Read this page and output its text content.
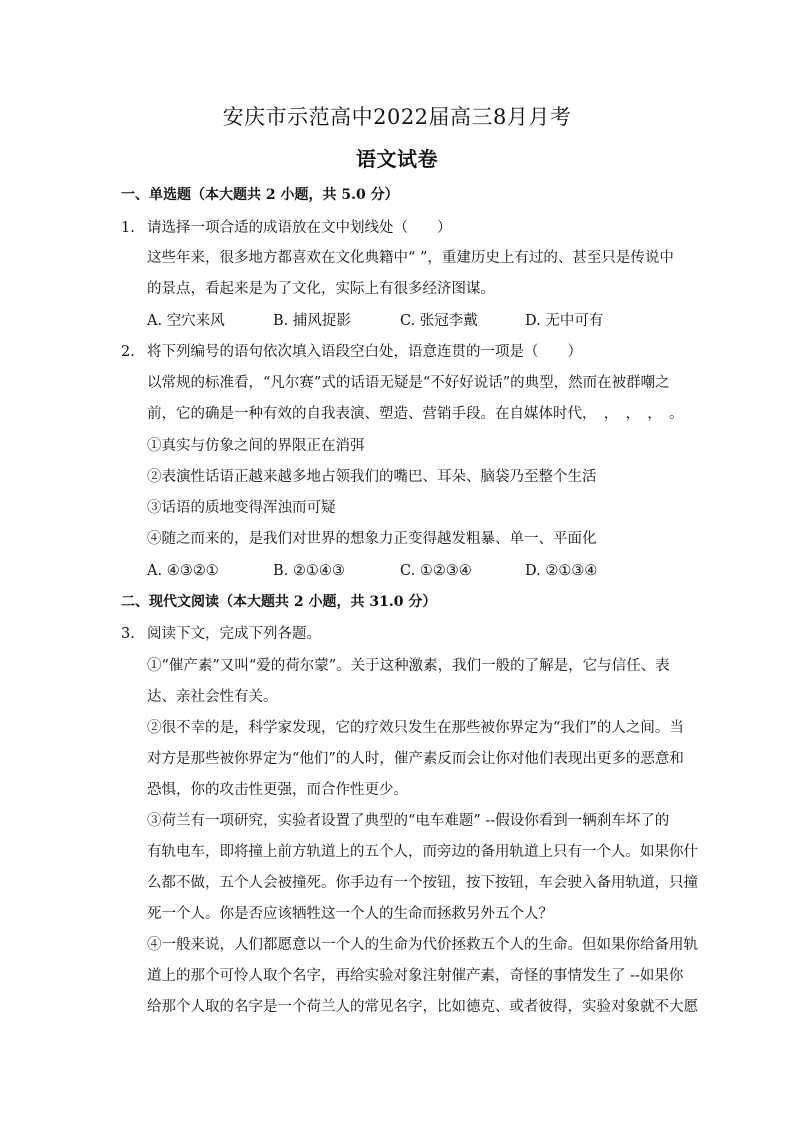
安庆市示范高中2022届高三8月月考
语文试卷
一、单选题（本大题共 2 小题，共 5.0 分）
1. 请选择一项合适的成语放在文中划线处（　　）
这些年来，很多地方都喜欢在文化典籍中“ ”，重建历史上有过的、甚至只是传说中
的景点，看起来是为了文化，实际上有很多经济图谋。
A. 空穴来风	B. 捕风捉影	C. 张冠李戴	D. 无中可有
2. 将下列编号的语句依次填入语段空白处，语意连贯的一项是（　　）
以常规的标准看，“凡尔赛”式的话语无疑是“不好好说话”的典型，然而在被群嘲之
前，它的确是一种有效的自我表演、塑造、营销手段。在自媒体时代，　，　，　，　。
①真实与仿象之间的界限正在消弭
②表演性话语正越来越多地占领我们的嘴巴、耳朵、脑袋乃至整个生活
③话语的质地变得浑浊而可疑
④随之而来的，是我们对世界的想象力正变得越发粗暴、单一、平面化
A. ④③②①	B. ②①④③	C. ①②③④	D. ②①③④
二、现代文阅读（本大题共 2 小题，共 31.0 分）
3. 阅读下文，完成下列各题。
①“催产素”又叫“爱的荷尔蒙”。关于这种激素，我们一般的了解是，它与信任、表
达、亲社会性有关。
②很不幸的是，科学家发现，它的疗效只发生在那些被你界定为“我们”的人之间。当
对方是那些被你界定为“他们”的人时，催产素反而会让你对他们表现出更多的恶意和
恐惧，你的攻击性更强，而合作性更少。
③荷兰有一项研究，实验者设置了典型的“电车难题” --假设你看到一辆刹车坏了的
有轨电车，即将撞上前方轨道上的五个人，而旁边的备用轨道上只有一个人。如果你什
么都不做，五个人会被撞死。你手边有一个按钮，按下按钮，车会驶入备用轨道，只撞
死一个人。你是否应该牺牲这一个人的生命而拯救另外五个人？
④一般来说，人们都愿意以一个人的生命为代价拯救五个人的生命。但如果你给备用轨
道上的那个可怜人取个名字，再给实验对象注射催产素，奇怪的事情发生了 --如果你
给那个人取的名字是一个荷兰人的常见名字，比如德克、或者彼得，实验对象就不大愿
